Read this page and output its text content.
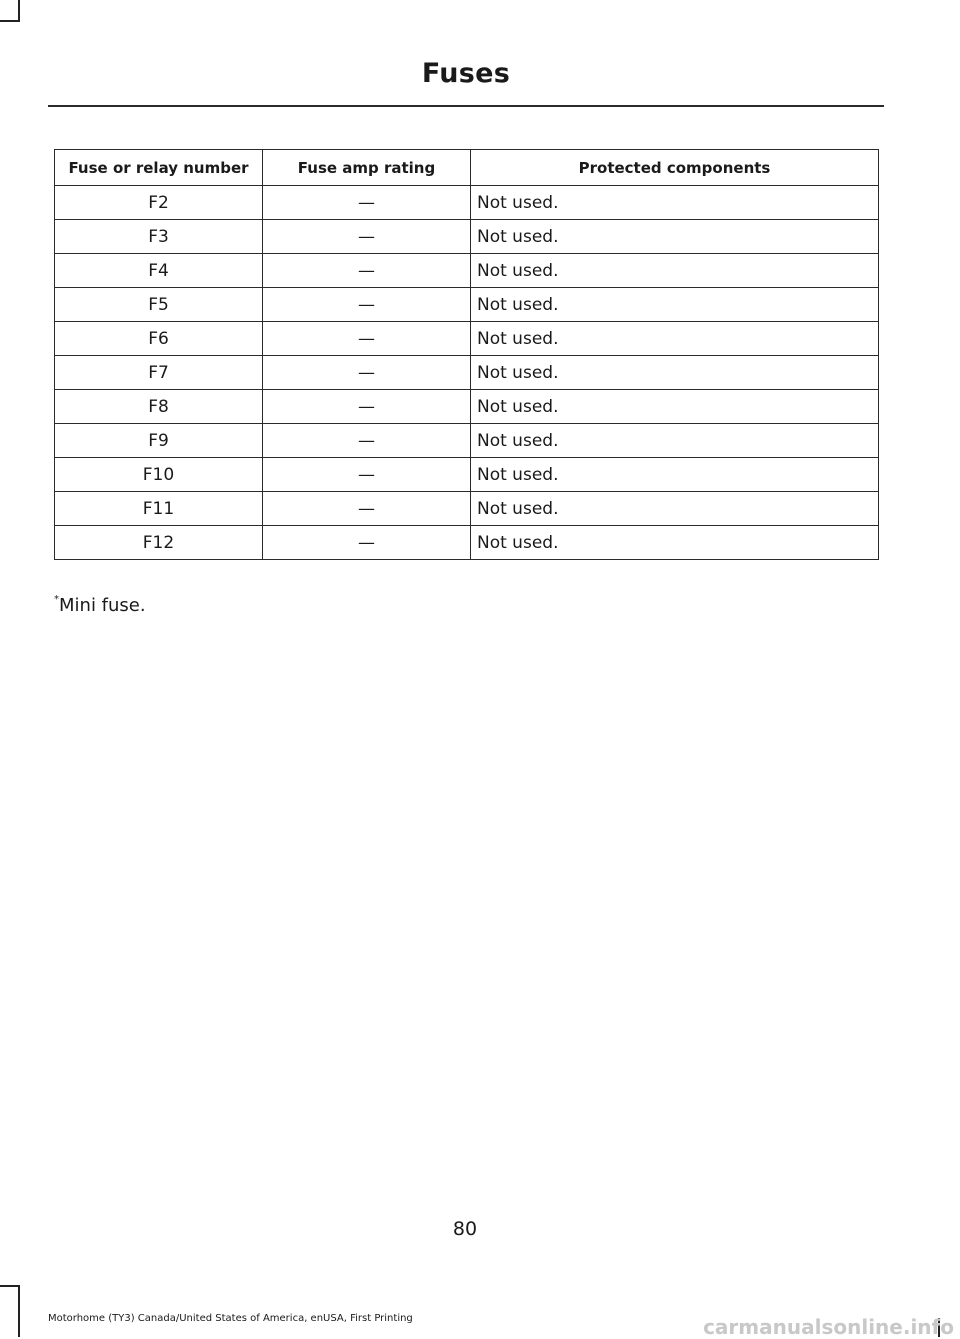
Fuses
Fuse or relay number	Fuse amp rating	Protected components
F2	—	Not used.
F3	—	Not used.
F4	—	Not used.
F5	—	Not used.
F6	—	Not used.
F7	—	Not used.
F8	—	Not used.
F9	—	Not used.
F10	—	Not used.
F11	—	Not used.
F12	—	Not used.
*Mini fuse.
80
Motorhome (TY3) Canada/United States of America, enUSA, First Printing	carmanualsonline.info
